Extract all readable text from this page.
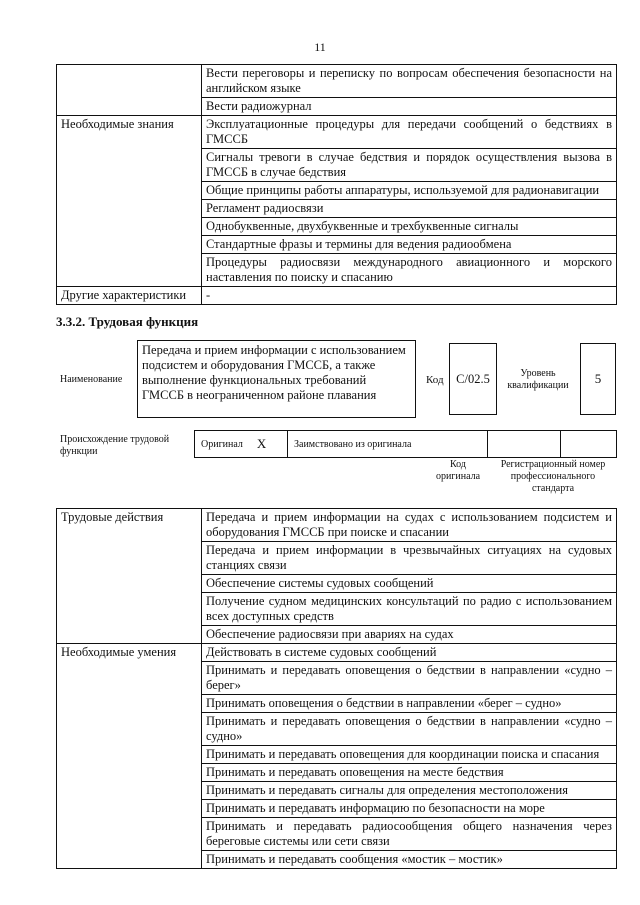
11
	Вести переговоры и переписку по вопросам обеспечения безопасности на английском языке
	Вести радиожурнал
Необходимые знания	Эксплуатационные процедуры для передачи сообщений о бедствиях в ГМССБ
	Сигналы тревоги в случае бедствия и порядок осуществления вызова в ГМССБ в случае бедствия
	Общие принципы работы аппаратуры, используемой для радионавигации
	Регламент радиосвязи
	Однобуквенные, двухбуквенные и трехбуквенные сигналы
	Стандартные фразы и термины для ведения радиообмена
	Процедуры радиосвязи международного авиационного и морского наставления по поиску и спасанию
Другие характеристики	-
3.3.2. Трудовая функция
Наименование
Передача и прием информации с использованием подсистем и оборудования ГМССБ, а также выполнение функциональных требований ГМССБ в неограниченном районе плавания
Код	C/02.5	Уровень квалификации	5
Происхождение трудовой функции
Оригинал X	Заимствовано из оригинала
Код оригинала
Регистрационный номер профессионального стандарта
Трудовые действия	Передача и прием информации на судах с использованием подсистем и оборудования ГМССБ при поиске и спасании
	Передача и прием информации в чрезвычайных ситуациях на судовых станциях связи
	Обеспечение системы судовых сообщений
	Получение судном медицинских консультаций по радио с использованием всех доступных средств
	Обеспечение радиосвязи при авариях на судах
Необходимые умения	Действовать в системе судовых сообщений
	Принимать и передавать оповещения о бедствии в направлении «судно – берег»
	Принимать оповещения о бедствии в направлении «берег – судно»
	Принимать и передавать оповещения о бедствии в направлении «судно – судно»
	Принимать и передавать оповещения для координации поиска и спасания
	Принимать и передавать оповещения на месте бедствия
	Принимать и передавать сигналы для определения местоположения
	Принимать и передавать информацию по безопасности на море
	Принимать и передавать радиосообщения общего назначения через береговые системы или сети связи
	Принимать и передавать сообщения «мостик – мостик»
